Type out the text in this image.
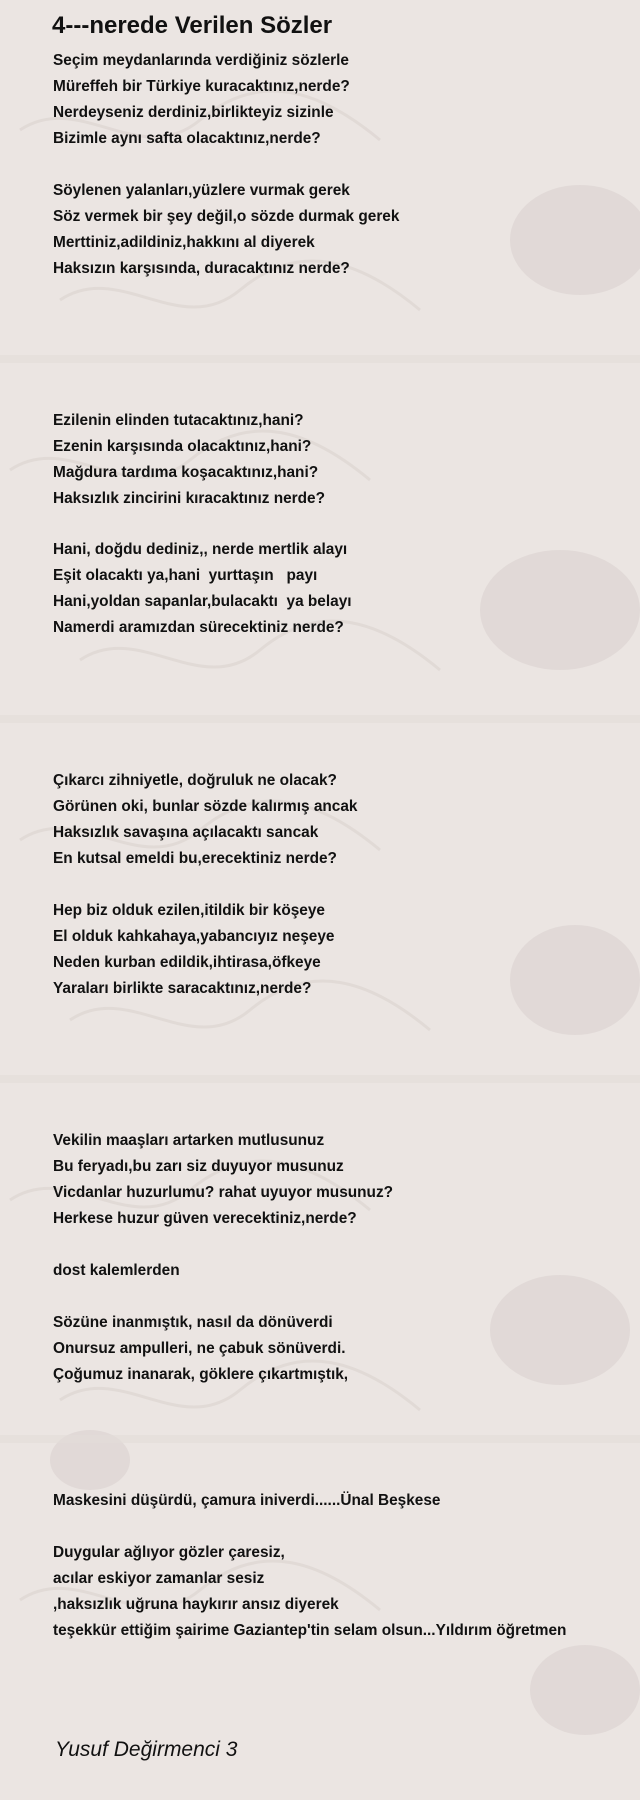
4---nerede Verilen Sözler
Seçim meydanlarında verdiğiniz sözlerle
Müreffeh bir Türkiye kuracaktınız,nerde?
Nerdeyseniz derdiniz,birlikteyiz sizinle
Bizimle aynı safta olacaktınız,nerde?
Söylenen yalanları,yüzlere vurmak gerek
Söz vermek bir şey değil,o sözde durmak gerek
Merttiniz,adildiniz,hakkını al diyerek
Haksızın karşısında, duracaktınız nerde?
Ezilenin elinden tutacaktınız,hani?
Ezenin karşısında olacaktınız,hani?
Mağdura tardıma koşacaktınız,hani?
Haksızlık zincirini kıracaktınız nerde?
Hani, doğdu dediniz,, nerde mertlik alayı
Eşit olacaktı ya,hani  yurttaşın   payı
Hani,yoldan sapanlar,bulacaktı  ya belayı
Namerdi aramızdan sürecektiniz nerde?
Çıkarcı zihniyetle, doğruluk ne olacak?
Görünen oki, bunlar sözde kalırmış ancak
Haksızlık savaşına açılacaktı sancak
En kutsal emeldi bu,erecektiniz nerde?
Hep biz olduk ezilen,itildik bir köşeye
El olduk kahkahaya,yabancıyız neşeye
Neden kurban edildik,ihtirasa,öfkeye
Yaraları birlikte saracaktınız,nerde?
Vekilin maaşları artarken mutlusunuz
Bu feryadı,bu zarı siz duyuyor musunuz
Vicdanlar huzurlumu? rahat uyuyor musunuz?
Herkese huzur güven verecektiniz,nerde?
dost kalemlerden
Sözüne inanmıştık, nasıl da dönüverdi
Onursuz ampulleri, ne çabuk sönüverdi.
Çoğumuz inanarak, göklere çıkartmıştık,
Maskesini düşürdü, çamura iniverdi......Ünal Beşkese
Duygular ağlıyor gözler çaresiz,
acılar eskiyor zamanlar sesiz
,haksızlık uğruna haykırır ansız diyerek
teşekkür ettiğim şairime Gaziantep'tin selam olsun...Yıldırım öğretmen
Yusuf Değirmenci 3
